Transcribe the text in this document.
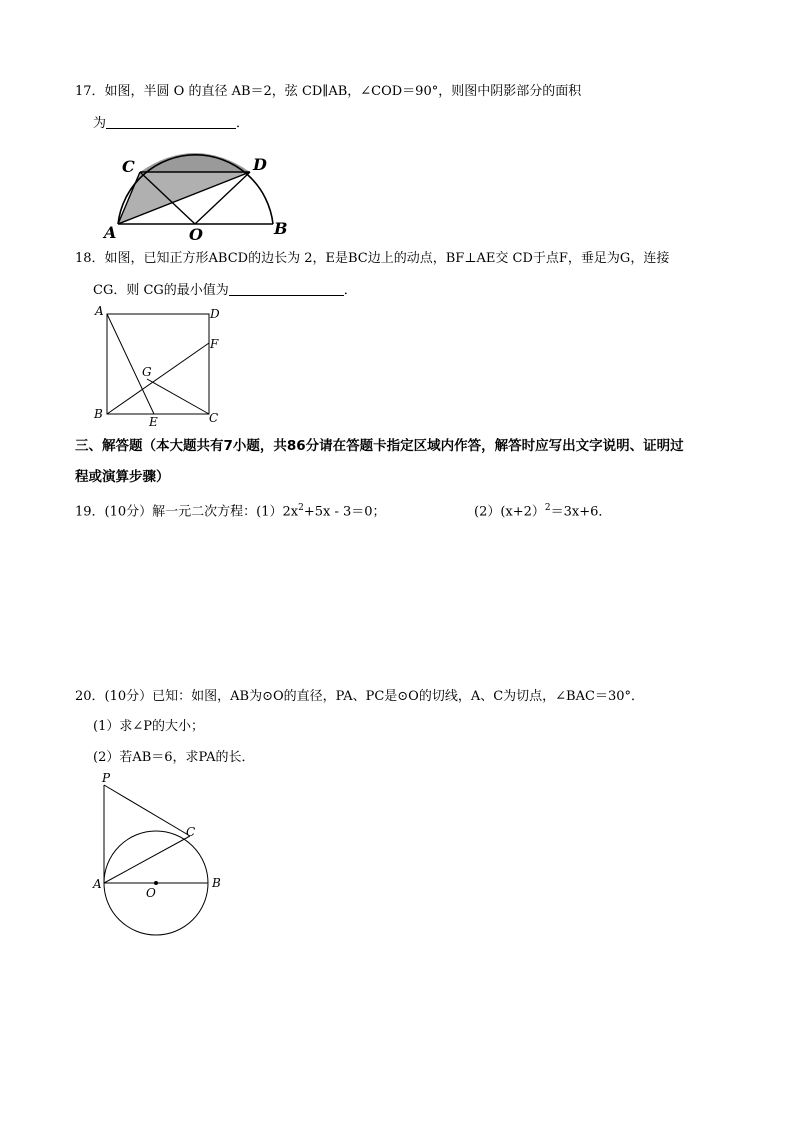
17．如图，半圆 O 的直径 AB＝2，弦 CD∥AB，∠COD＝90°，则图中阴影部分的面积
为	．
C	D
A	O	B
18．如图，已知正方形ABCD的边长为 2，E是BC边上的动点，BF⊥AE交 CD于点F，垂足为G，连接
CG．则 CG的最小值为	．
A	D
F
G
B
E	C
三、解答题（本大题共有7小题，共86分请在答题卡指定区域内作答，解答时应写出文字说明、证明过
程或演算步骤）
19．(10分）解一元二次方程：$(1)2x^2+5x - 3=0$；	(2）(x+2）$^2$＝3x+6．
20．(10分）已知：如图，AB为⊙O的直径，PA、PC是⊙O的切线，A、C为切点，∠BAC＝30°．
(1）求∠P的大小；
(2）若AB＝6，求PA的长．
P
C
A
O
B
